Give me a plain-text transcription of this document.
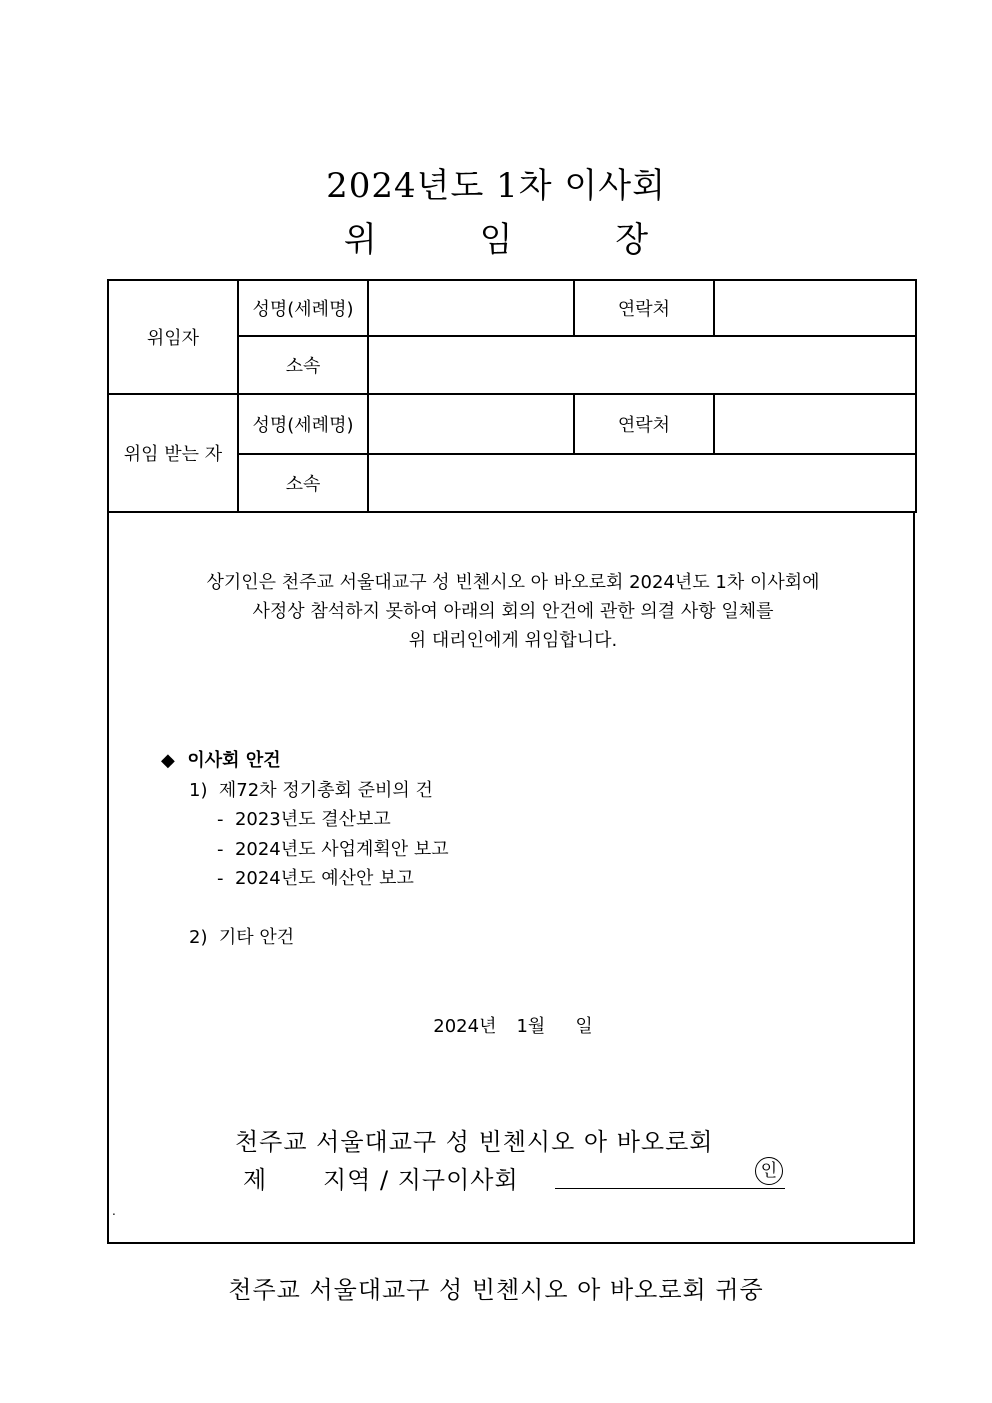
2024년도 1차 이사회
위	임	장
위임자	성명(세례명)		연락처	
	소속			
위임 받는 자	성명(세례명)		연락처	
	소속			
상기인은 천주교 서울대교구 성 빈첸시오 아 바오로회 2024년도 1차 이사회에
사정상 참석하지 못하여 아래의 회의 안건에 관한 의결 사항 일체를
위 대리인에게 위임합니다.
◆ 이사회 안건
1)  제72차 정기총회 준비의 건
-  2023년도 결산보고
-  2024년도 사업계획안 보고
-  2024년도 예산안 보고
2)  기타 안건
2024년 1월 일
천주교 서울대교구 성 빈첸시오 아 바오로회
제 지역 / 지구이사회	인
.
천주교 서울대교구 성 빈첸시오 아 바오로회 귀중
